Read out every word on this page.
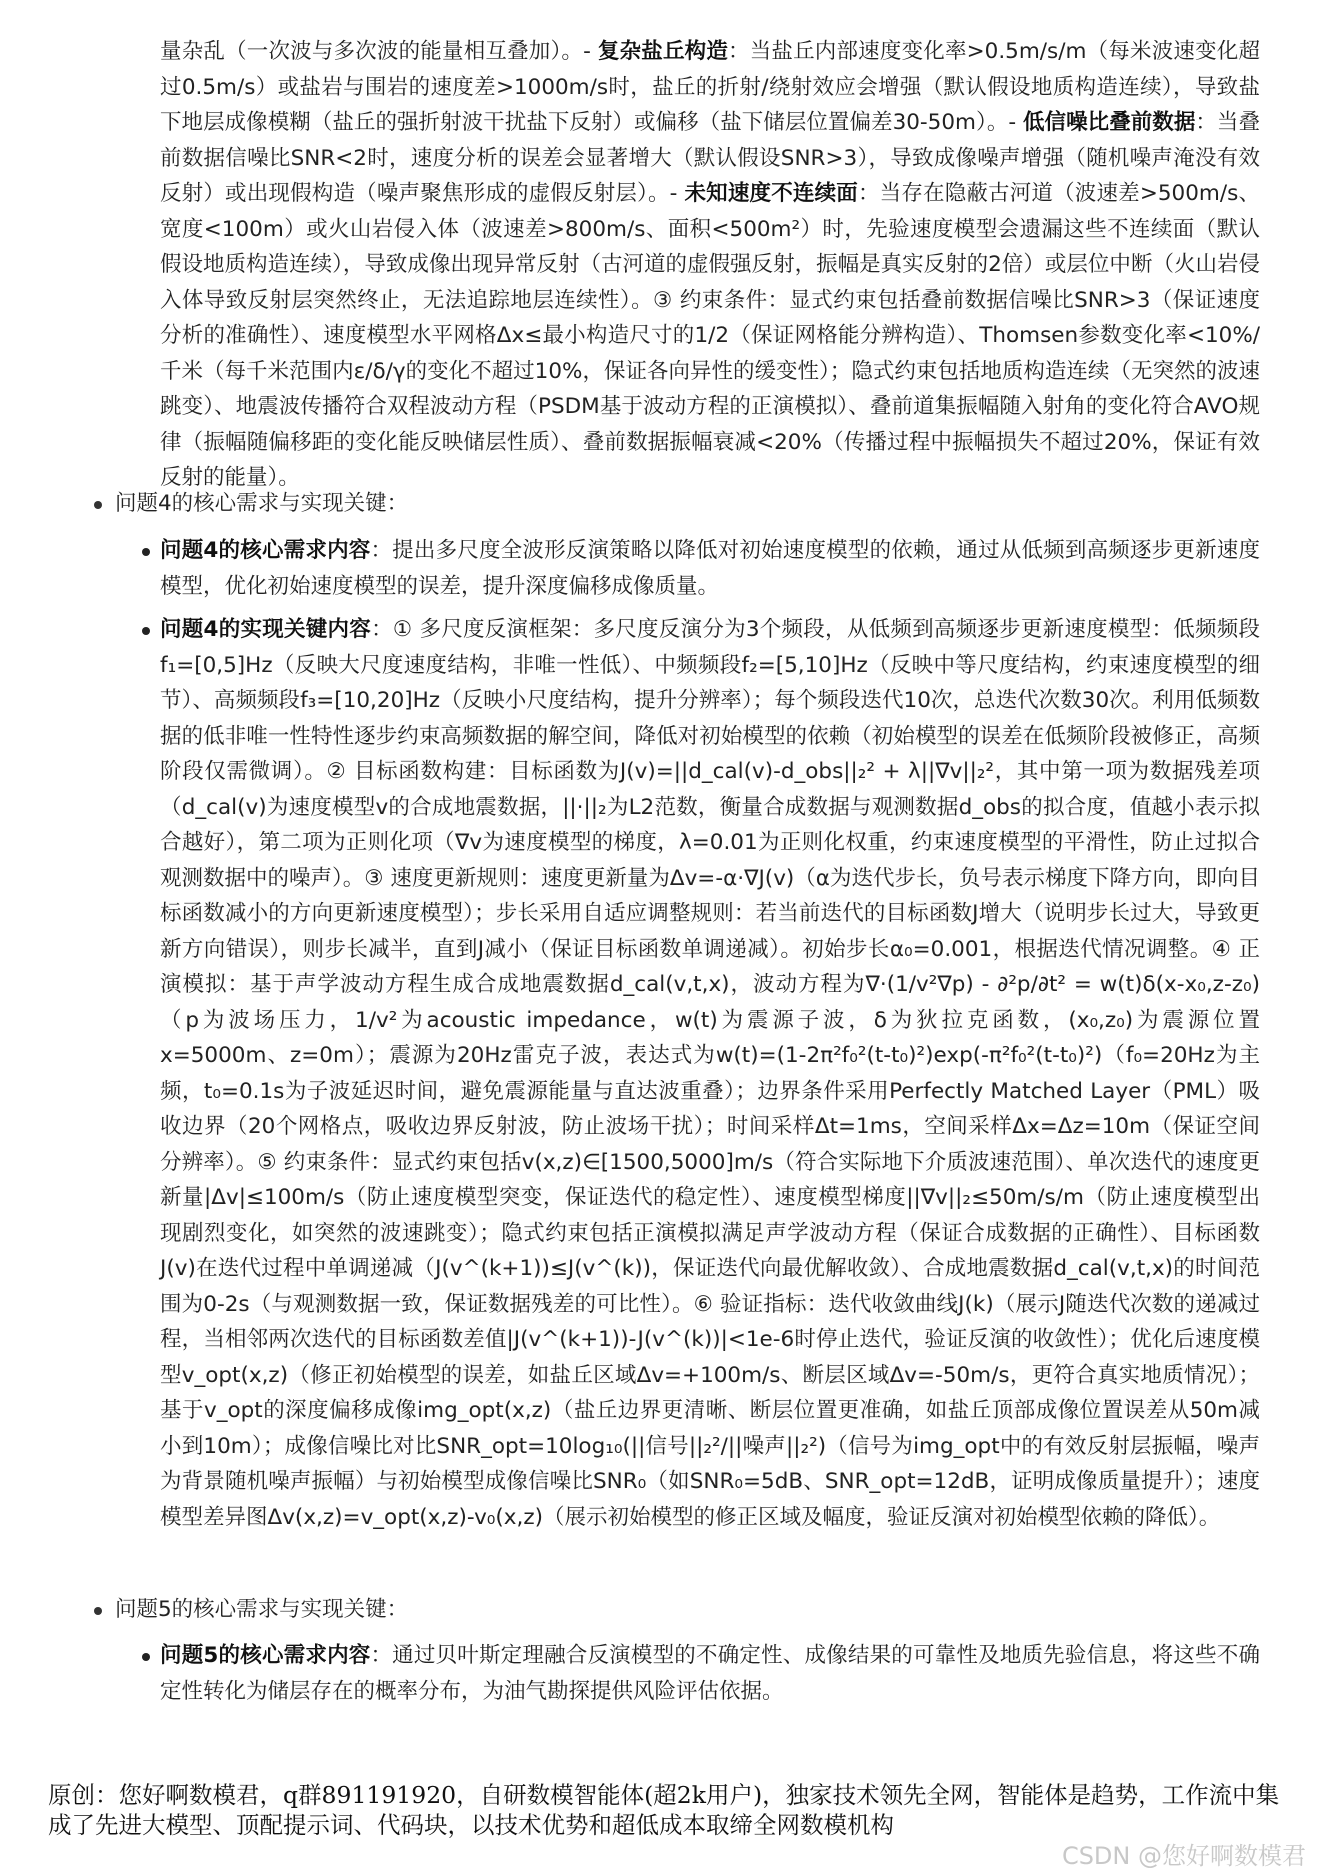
量杂乱（一次波与多次波的能量相互叠加）。- 复杂盐丘构造：当盐丘内部速度变化率>0.5m/s/m（每米波速变化超过0.5m/s）或盐岩与围岩的速度差>1000m/s时，盐丘的折射/绕射效应会增强（默认假设地质构造连续），导致盐下地层成像模糊（盐丘的强折射波干扰盐下反射）或偏移（盐下储层位置偏差30-50m）。- 低信噪比叠前数据：当叠前数据信噪比SNR<2时，速度分析的误差会显著增大（默认假设SNR>3），导致成像噪声增强（随机噪声淹没有效反射）或出现假构造（噪声聚焦形成的虚假反射层）。- 未知速度不连续面：当存在隐蔽古河道（波速差>500m/s、宽度<100m）或火山岩侵入体（波速差>800m/s、面积<500m²）时，先验速度模型会遗漏这些不连续面（默认假设地质构造连续），导致成像出现异常反射（古河道的虚假强反射，振幅是真实反射的2倍）或层位中断（火山岩侵入体导致反射层突然终止，无法追踪地层连续性）。③ 约束条件：显式约束包括叠前数据信噪比SNR>3（保证速度分析的准确性）、速度模型水平网格Δx≤最小构造尺寸的1/2（保证网格能分辨构造）、Thomsen参数变化率<10%/千米（每千米范围内ε/δ/γ的变化不超过10%，保证各向异性的缓变性）；隐式约束包括地质构造连续（无突然的波速跳变）、地震波传播符合双程波动方程（PSDM基于波动方程的正演模拟）、叠前道集振幅随入射角的变化符合AVO规律（振幅随偏移距的变化能反映储层性质）、叠前数据振幅衰减<20%（传播过程中振幅损失不超过20%，保证有效反射的能量）。

问题4的核心需求与实现关键：

问题4的核心需求内容：提出多尺度全波形反演策略以降低对初始速度模型的依赖，通过从低频到高频逐步更新速度模型，优化初始速度模型的误差，提升深度偏移成像质量。

问题4的实现关键内容：① 多尺度反演框架：多尺度反演分为3个频段，从低频到高频逐步更新速度模型：低频频段f₁=[0,5]Hz（反映大尺度速度结构，非唯一性低）、中频频段f₂=[5,10]Hz（反映中等尺度结构，约束速度模型的细节）、高频频段f₃=[10,20]Hz（反映小尺度结构，提升分辨率）；每个频段迭代10次，总迭代次数30次。利用低频数据的低非唯一性特性逐步约束高频数据的解空间，降低对初始模型的依赖（初始模型的误差在低频阶段被修正，高频阶段仅需微调）。② 目标函数构建：目标函数为J(v)=||d_cal(v)-d_obs||₂² + λ||∇v||₂²，其中第一项为数据残差项（d_cal(v)为速度模型v的合成地震数据，||·||₂为L2范数，衡量合成数据与观测数据d_obs的拟合度，值越小表示拟合越好），第二项为正则化项（∇v为速度模型的梯度，λ=0.01为正则化权重，约束速度模型的平滑性，防止过拟合观测数据中的噪声）。③ 速度更新规则：速度更新量为Δv=-α·∇J(v)（α为迭代步长，负号表示梯度下降方向，即向目标函数减小的方向更新速度模型）；步长采用自适应调整规则：若当前迭代的目标函数J增大（说明步长过大，导致更新方向错误），则步长减半，直到J减小（保证目标函数单调递减）。初始步长α₀=0.001，根据迭代情况调整。④ 正演模拟：基于声学波动方程生成合成地震数据d_cal(v,t,x)，波动方程为∇·(1/v²∇p) - ∂²p/∂t² = w(t)δ(x-x₀,z-z₀)（p为波场压力，1/v²为acoustic impedance，w(t)为震源子波，δ为狄拉克函数，(x₀,z₀)为震源位置x=5000m、z=0m）；震源为20Hz雷克子波，表达式为w(t)=(1-2π²f₀²(t-t₀)²)exp(-π²f₀²(t-t₀)²)（f₀=20Hz为主频，t₀=0.1s为子波延迟时间，避免震源能量与直达波重叠）；边界条件采用Perfectly Matched Layer（PML）吸收边界（20个网格点，吸收边界反射波，防止波场干扰）；时间采样Δt=1ms，空间采样Δx=Δz=10m（保证空间分辨率）。⑤ 约束条件：显式约束包括v(x,z)∈[1500,5000]m/s（符合实际地下介质波速范围）、单次迭代的速度更新量|Δv|≤100m/s（防止速度模型突变，保证迭代的稳定性）、速度模型梯度||∇v||₂≤50m/s/m（防止速度模型出现剧烈变化，如突然的波速跳变）；隐式约束包括正演模拟满足声学波动方程（保证合成数据的正确性）、目标函数J(v)在迭代过程中单调递减（J(v^(k+1))≤J(v^(k))，保证迭代向最优解收敛）、合成地震数据d_cal(v,t,x)的时间范围为0-2s（与观测数据一致，保证数据残差的可比性）。⑥ 验证指标：迭代收敛曲线J(k)（展示J随迭代次数的递减过程，当相邻两次迭代的目标函数差值|J(v^(k+1))-J(v^(k))|<1e-6时停止迭代，验证反演的收敛性）；优化后速度模型v_opt(x,z)（修正初始模型的误差，如盐丘区域Δv=+100m/s、断层区域Δv=-50m/s，更符合真实地质情况）；基于v_opt的深度偏移成像img_opt(x,z)（盐丘边界更清晰、断层位置更准确，如盐丘顶部成像位置误差从50m减小到10m）；成像信噪比对比SNR_opt=10log₁₀(||信号||₂²/||噪声||₂²)（信号为img_opt中的有效反射层振幅，噪声为背景随机噪声振幅）与初始模型成像信噪比SNR₀（如SNR₀=5dB、SNR_opt=12dB，证明成像质量提升）；速度模型差异图Δv(x,z)=v_opt(x,z)-v₀(x,z)（展示初始模型的修正区域及幅度，验证反演对初始模型依赖的降低）。

问题5的核心需求与实现关键：

问题5的核心需求内容：通过贝叶斯定理融合反演模型的不确定性、成像结果的可靠性及地质先验信息，将这些不确定性转化为储层存在的概率分布，为油气勘探提供风险评估依据。

原创：您好啊数模君，q群891191920，自研数模智能体(超2k用户)，独家技术领先全网，智能体是趋势，工作流中集成了先进大模型、顶配提示词、代码块，以技术优势和超低成本取缔全网数模机构

CSDN @您好啊数模君
